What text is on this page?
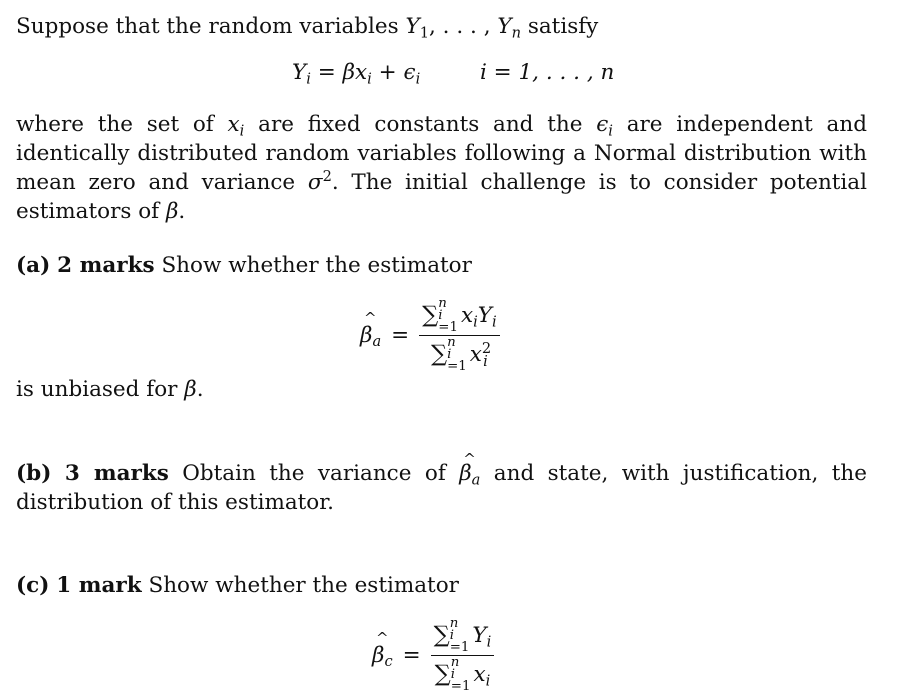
Suppose that the random variables $Y_1$, . . . , $Y_n$ satisfy

$Y_i = \beta x_i + \epsilon_i$	i = 1, . . . , n

where the set of $x_i$ are fixed constants and the $\epsilon_i$ are independent and identically distributed random variables following a Normal distribution with mean zero and variance $\sigma^2$. The initial challenge is to consider potential estimators of β.

(a) 2 marks Show whether the estimator

^ $\beta_a$ = ∑ n
i
=1 $x_iY_i$
∑ n
i
=1 $x^2_i$

is unbiased for β.

(b) 3 marks Obtain the variance of ^ $\beta_a$ and state, with justification, the distribution of this estimator.

(c) 1 mark Show whether the estimator

^ $\beta_c$ = ∑ n
i
=1 $Y_i$
∑ n
i
=1 $x_i$
